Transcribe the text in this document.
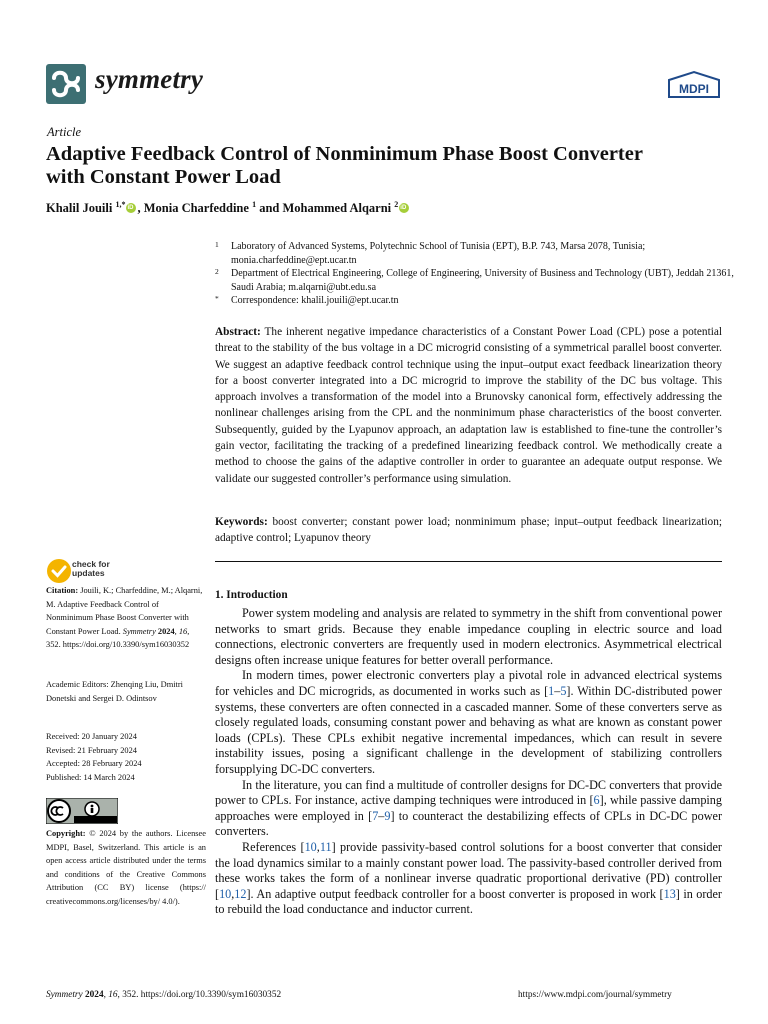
symmetry	MDPI
Article
Adaptive Feedback Control of Nonminimum Phase Boost Converter with Constant Power Load
Khalil Jouili $^{1,*}$iD , Monia Charfeddine $^1$ and Mohammed Alqarni $^2$iD
1 Laboratory of Advanced Systems, Polytechnic School of Tunisia (EPT), B.P. 743, Marsa 2078, Tunisia; monia.charfeddine@ept.ucar.tn
2 Department of Electrical Engineering, College of Engineering, University of Business and Technology (UBT), Jeddah 21361, Saudi Arabia; m.alqarni@ubt.edu.sa
* Correspondence: khalil.jouili@ept.ucar.tn
Abstract: The inherent negative impedance characteristics of a Constant Power Load (CPL) pose a potential threat to the stability of the bus voltage in a DC microgrid consisting of a symmetrical parallel boost converter. We suggest an adaptive feedback control technique using the input–output exact feedback linearization theory for a boost converter integrated into a DC microgrid to improve the stability of the DC bus voltage. This approach involves a transformation of the model into a Brunovsky canonical form, effectively addressing the nonlinear challenges arising from the CPL and the nonminimum phase characteristics of the boost converter. Subsequently, guided by the Lyapunov approach, an adaptation law is established to fine-tune the controller’s gain vector, facilitating the tracking of a predefined linearizing feedback control. We methodically create a method to choose the gains of the adaptive controller in order to guarantee an adequate output response. We validate our suggested controller’s performance using simulation.
Keywords: boost converter; constant power load; nonminimum phase; input–output feedback linearization; adaptive control; Lyapunov theory
check for
updates
Citation: Jouili, K.; Charfeddine, M.; Alqarni, M. Adaptive Feedback Control of Nonminimum Phase Boost Converter with Constant Power Load. Symmetry 2024, 16, 352. https://doi.org/10.3390/sym16030352
Academic Editors: Zhenqing Liu, Dmitri Donetski and Sergei D. Odintsov
Received: 20 January 2024
Revised: 21 February 2024
Accepted: 28 February 2024
Published: 14 March 2024
Copyright: © 2024 by the authors. Licensee MDPI, Basel, Switzerland. This article is an open access article distributed under the terms and conditions of the Creative Commons Attribution (CC BY) license (https:// creativecommons.org/licenses/by/ 4.0/).
1. Introduction

Power system modeling and analysis are related to symmetry in the shift from conventional power networks to smart grids. Because they enable impedance coupling in electric source and load connections, electronic converters are frequently used in modern electronics. Asymmetrical electrical designs often increase unique features for better overall performance.

In modern times, power electronic converters play a pivotal role in advanced electrical systems for vehicles and DC microgrids, as documented in works such as [1–5]. Within DC-distributed power systems, these converters are often connected in a cascaded manner. Some of these converters serve as closely regulated loads, consuming constant power and behaving as what are known as constant power loads (CPLs). These CPLs exhibit negative incremental impedances, which can result in severe instability issues, posing a significant challenge in the development of stabilizing controllers forsupplying DC-DC converters.

In the literature, you can find a multitude of controller designs for DC-DC converters that provide power to CPLs. For instance, active damping techniques were introduced in [6], while passive damping approaches were employed in [7–9] to counteract the destabilizing effects of CPLs in DC-DC power converters.

References [10,11] provide passivity-based control solutions for a boost converter that consider the load dynamics similar to a mainly constant power load. The passivity-based controller derived from these works takes the form of a nonlinear inverse quadratic proportional derivative (PD) controller [10,12]. An adaptive output feedback controller for a boost converter is proposed in work [13] in order to rebuild the load conductance and inductor current.

Symmetry 2024, 16, 352. https://doi.org/10.3390/sym16030352	https://www.mdpi.com/journal/symmetry
